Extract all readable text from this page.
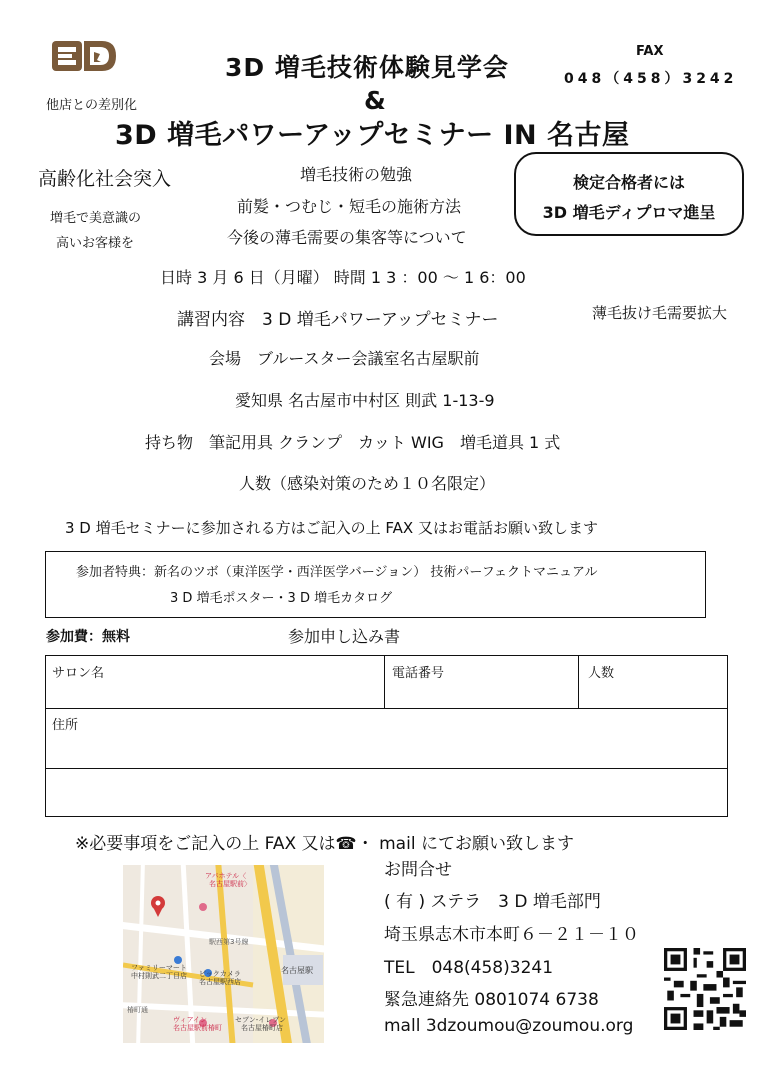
3D 増毛技術体験見学会
&
3D 増毛パワーアップセミナー IN 名古屋
FAX
048（458）3242
他店との差別化
高齢化社会突入
増毛で美意識の
高いお客様を
増毛技術の勉強
前髪・つむじ・短毛の施術方法
今後の薄毛需要の集客等について
検定合格者には
3D 増毛ディプロマ進呈
日時 3 月 6 日（月曜） 時間 1 3 ：00 〜 1 6：00
講習内容　3 D 増毛パワーアップセミナー	薄毛抜け毛需要拡大
会場　ブルースター会議室名古屋駅前
愛知県 名古屋市中村区 則武 1-13-9
持ち物　筆記用具 クランプ　カット WIG　増毛道具 1 式
人数（感染対策のため１０名限定）
3 D 増毛セミナーに参加される方はご記入の上 FAX 又はお電話お願い致します
参加者特典：新名のツボ（東洋医学・西洋医学バージョン） 技術パーフェクトマニュアル
3 D 増毛ポスター・3 D 増毛カタログ
参加費：無料	参加申し込み書
サロン名	電話番号	人数
住所
※必要事項をご記入の上 FAX 又は☎・ mail にてお願い致します
お問合せ
( 有 ) ステラ　3 D 増毛部門
埼玉県志木市本町６－２１－１０
TEL　048(458)3241
緊急連絡先 0801074 6738
mall 3dzoumou@zoumou.org
アパホテル〈
名古屋駅前〉
ファミリーマート
中村則武二丁目店 ビックカメラ
名古屋駅西店
名古屋駅
ヴィアイン
名古屋駅前椿町
セブン-イレブン
名古屋椿町店
駅西第3号線
椿町通
